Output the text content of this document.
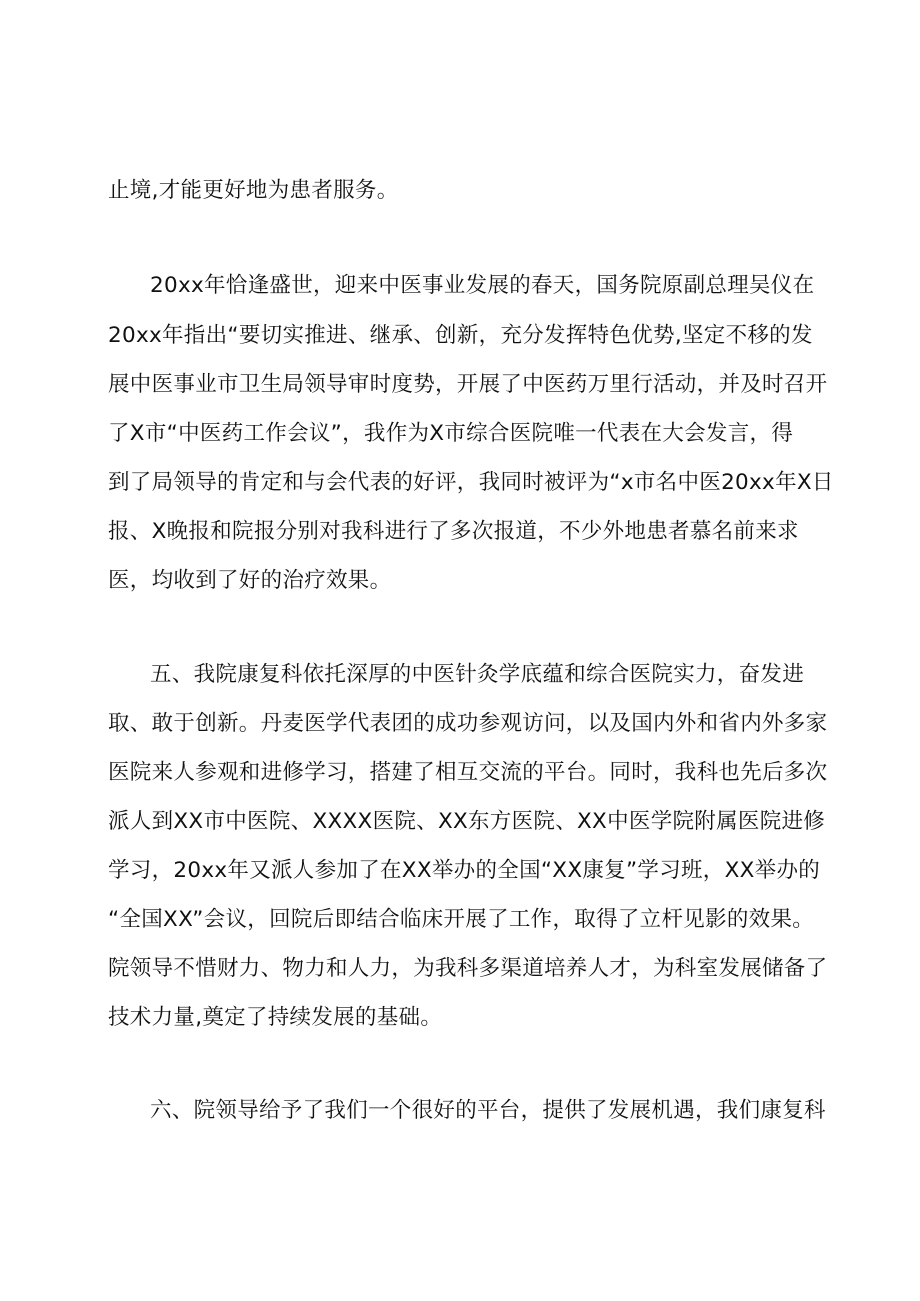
止境,才能更好地为患者服务。
20xx年恰逢盛世，迎来中医事业发展的春天，国务院原副总理吴仪在
20xx年指出“要切实推进、继承、创新，充分发挥特色优势,坚定不移的发
展中医事业市卫生局领导审时度势，开展了中医药万里行活动，并及时召开
了X市“中医药工作会议”，我作为X市综合医院唯一代表在大会发言，得
到了局领导的肯定和与会代表的好评，我同时被评为“x市名中医20xx年X日
报、X晚报和院报分别对我科进行了多次报道，不少外地患者慕名前来求
医，均收到了好的治疗效果。
五、我院康复科依托深厚的中医针灸学底蕴和综合医院实力，奋发进
取、敢于创新。丹麦医学代表团的成功参观访问，以及国内外和省内外多家
医院来人参观和进修学习，搭建了相互交流的平台。同时，我科也先后多次
派人到XX市中医院、XXXX医院、XX东方医院、XX中医学院附属医院进修
学习，20xx年又派人参加了在XX举办的全国“XX康复”学习班，XX举办的
“全国XX”会议，回院后即结合临床开展了工作，取得了立杆见影的效果。
院领导不惜财力、物力和人力，为我科多渠道培养人才，为科室发展储备了
技术力量,奠定了持续发展的基础。
六、院领导给予了我们一个很好的平台，提供了发展机遇，我们康复科
